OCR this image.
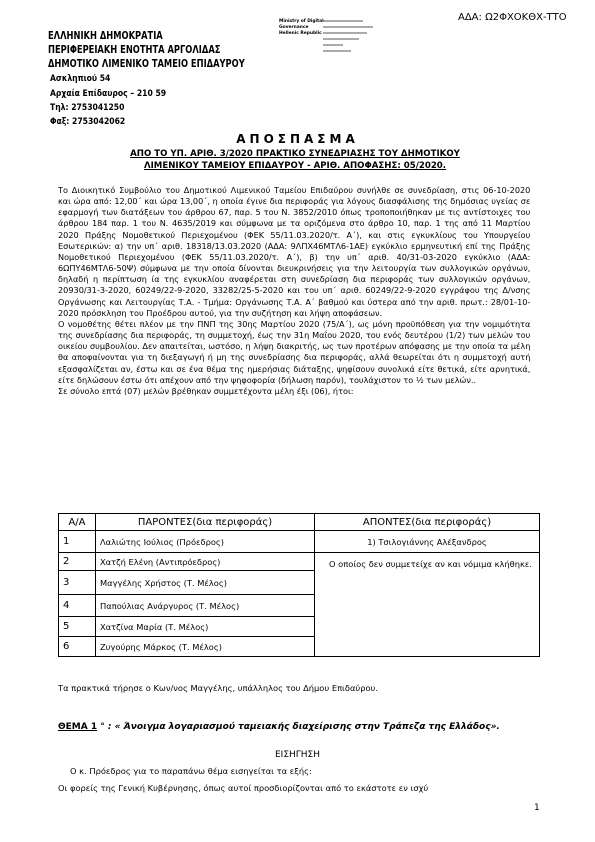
ΑΔΑ: Ω2ΦΧΟΚΘΧ-ΤΤΟ
ΕΛΛΗΝΙΚΗ ΔΗΜΟΚΡΑΤΙΑ
ΠΕΡΙΦΕΡΕΙΑΚΗ ΕΝΟΤΗΤΑ ΑΡΓΟΛΙΔΑΣ
ΔΗΜΟΤΙΚΟ ΛΙΜΕΝΙΚΟ ΤΑΜΕΙΟ ΕΠΙΔΑΥΡΟΥ
Ministry of Digital
Governance
Hellenic Republic
Ασκληπιού 54
Αρχαία Επίδαυρος – 210 59
Τηλ: 2753041250
Φαξ: 2753042062
ΑΠΟΣΠΑΣΜΑ
ΑΠΟ ΤΟ ΥΠ. ΑΡΙΘ. 3/2020 ΠΡΑΚΤΙΚΟ ΣΥΝΕΔΡΙΑΣΗΣ ΤΟΥ ΔΗΜΟΤΙΚΟΥ
ΛΙΜΕΝΙΚΟΥ ΤΑΜΕΙΟΥ ΕΠΙΔΑΥΡΟΥ - ΑΡΙΘ. ΑΠΟΦΑΣΗΣ: 05/2020.

Το Διοικητικό Συμβούλιο του Δημοτικού Λιμενικού Ταμείου Επιδαύρου συνήλθε σε συνεδρίαση, στις 06-10-2020 και ώρα από: 12,00΄ και ώρα 13,00΄, η οποία έγινε δια περιφοράς για λόγους διασφάλισης της δημόσιας υγείας σε εφαρμογή των διατάξεων του άρθρου 67, παρ. 5 του Ν. 3852/2010 όπως τροποποιήθηκαν με τις αντίστοιχες του άρθρου 184 παρ. 1 του Ν. 4635/2019 και σύμφωνα με τα οριζόμενα στο άρθρο 10, παρ. 1 της από 11 Μαρτίου 2020 Πράξης Νομοθετικού Περιεχομένου (ΦΕΚ 55/11.03.2020/τ. Α΄), και στις εγκυκλίους του Υπουργείου Εσωτερικών: α) την υπ΄ αριθ. 18318/13.03.2020 (ΑΔΑ: 9ΛΠΧ46ΜΤΛ6-1ΑΕ) εγκύκλιο ερμηνευτική επί της Πράξης Νομοθετικού Περιεχομένου (ΦΕΚ 55/11.03.2020/τ. Α΄), β) την υπ΄ αριθ. 40/31-03-2020 εγκύκλιο (ΑΔΑ: 6ΩΠΥ46ΜΤΛ6-50Ψ) σύμφωνα με την οποία δίνονται διευκρινήσεις για την λειτουργία των συλλογικών οργάνων, δηλαδή η περίπτωση ία της εγκυκλίου αναφέρεται στη συνεδρίαση δια περιφοράς των συλλογικών οργάνων, 20930/31-3-2020, 60249/22-9-2020, 33282/25-5-2020 και του υπ΄ αριθ. 60249/22-9-2020 εγγράφου της Δ/νσης Οργάνωσης και Λειτουργίας Τ.Α. - Τμήμα: Οργάνωσης Τ.Α. Α΄ βαθμού και ύστερα από την αριθ. πρωτ.: 28/01-10-2020 πρόσκληση του Προέδρου αυτού, για την συζήτηση και λήψη αποφάσεων.

Ο νομοθέτης θέτει πλέον με την ΠΝΠ της 30ης Μαρτίου 2020 (75/Α΄), ως μόνη προϋπόθεση για την νομιμότητα της συνεδρίασης δια περιφοράς, τη συμμετοχή, έως την 31η Μαΐου 2020, του ενός δευτέρου (1/2) των μελών του οικείου συμβουλίου. Δεν απαιτείται, ωστόσο, η λήψη διακριτής, ως των προτέρων απόφασης με την οποία τα μέλη θα αποφαίνονται για τη διεξαγωγή ή μη της συνεδρίασης δια περιφοράς, αλλά θεωρείται ότι η συμμετοχή αυτή εξασφαλίζεται αν, έστω και σε ένα θέμα της ημερήσιας διάταξης, ψηφίσουν συνολικά είτε θετικά, είτε αρνητικά, είτε δηλώσουν έστω ότι απέχουν από την ψηφοφορία (δήλωση παρόν), τουλάχιστον το ½ των μελών..

Σε σύνολο επτά (07) μελών βρέθηκαν συμμετέχοντα μέλη έξι (06), ήτοι:

Α/Α	ΠΑΡΟΝΤΕΣ(δια περιφοράς)	ΑΠΟΝΤΕΣ(δια περιφοράς)
1	Λαλιώτης Ιούλιος (Πρόεδρος)	1) Τσιλογιάννης Αλέξανδρος
2	Χατζή Ελένη (Αντιπρόεδρος)	Ο οποίος δεν συμμετείχε αν και νόμιμα κλήθηκε.
3	Μαγγέλης Χρήστος (Τ. Μέλος)	
4	Παπούλιας Ανάργυρος (Τ. Μέλος)	
5	Χατζίνα Μαρία (Τ. Μέλος)	
6	Ζυγούρης Μάρκος (Τ. Μέλος)	
Τα πρακτικά τήρησε ο Κων/νος Μαγγέλης, υπάλληλος του Δήμου Επιδαύρου.
ΘΕΜΑ 1 ° : « Άνοιγμα λογαριασμού ταμειακής διαχείρισης στην Τράπεζα της Ελλάδος».
ΕΙΣΗΓΗΣΗ
Ο κ. Πρόεδρος για το παραπάνω θέμα εισηγείται τα εξής:
Οι φορείς της Γενική Κυβέρνησης, όπως αυτοί προσδιορίζονται από το εκάστοτε εν ισχύ
1
